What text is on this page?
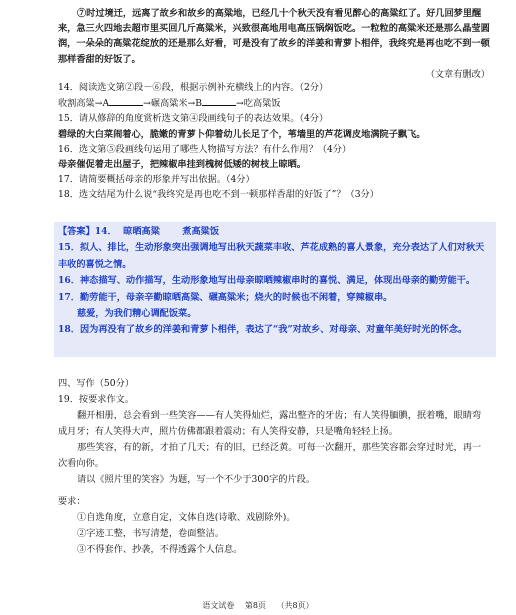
⑦时过境迁，远离了故乡和故乡的高粱地，已经几十个秋天没有看见醉心的高粱红了。好几回梦里醒来，急三火四地去超市里买回几斤高粱米，兴致很高地用电高压锅焖饭吃。一粒粒的高粱米还是那么晶莹圆润，一朵朵的高粱花绽放的还是那么好看，可是没有了故乡的洋姜和青萝卜相伴，我终究是再也吃不到一顿那样香甜的好饭了。

（文章有删改）

14．阅读选文第②段－⑥段，根据示例补充横线上的内容。（2分）

收割高粱→A	→碾高粱米→B	→吃高粱饭

15．请从修辞的角度赏析选文第④段画线句子的表达效果。（4分）

碧绿的大白菜闹着心，脆嫩的青萝卜仰着幼儿长足了个，苇墙里的芦花调皮地满院子飘飞。

16．选文第⑤段画线句运用了哪些人物描写方法？有什么作用？（4分）

母亲催促着走出屋子，把辣椒串挂到槐树低矮的树枝上晾晒。

17．请简要概括母亲的形象并写出依据。（4分）

18．选文结尾为什么说“我终究是再也吃不到一顿那样香甜的好饭了”？（3分）

【答案】14． 晾晒高粱 煮高粱饭

15．拟人、排比，生动形象突出强调地写出秋天蔬菜丰收、芦花成熟的喜人景象，充分表达了人们对秋天丰收的喜悦之情。

16．神态描写、动作描写，生动形象地写出母亲晾晒辣椒串时的喜悦、满足，体现出母亲的勤劳能干。

17．勤劳能干，母亲辛勤晾晒高粱、碾高粱米；烧火的时候也不闲着，穿辣椒串。

慈爱，为我们精心调配饭菜。

18．因为再没有了故乡的洋姜和青萝卜相伴，表达了“我”对故乡、对母亲、对童年美好时光的怀念。

四、写作（50分）

19．按要求作文。

翻开相册，总会看到一些笑容——有人笑得灿烂，露出整齐的牙齿；有人笑得腼腆，抿着嘴，眼睛弯成月牙；有人笑得大声，照片仿佛都跟着震动；有人笑得安静，只是嘴角轻轻上扬。

那些笑容，有的新，才拍了几天；有的旧，已经泛黄。可每一次翻开，那些笑容都会穿过时光，再一次看向你。

请以《照片里的笑容》为题，写一个不少于300字的片段。

要求：

①自选角度，立意自定，文体自选(诗歌、戏剧除外)。

②字迹工整，书写清楚，卷面整洁。

③不得套作、抄袭，不得透露个人信息。

语文试卷 第8页 （共8页）
